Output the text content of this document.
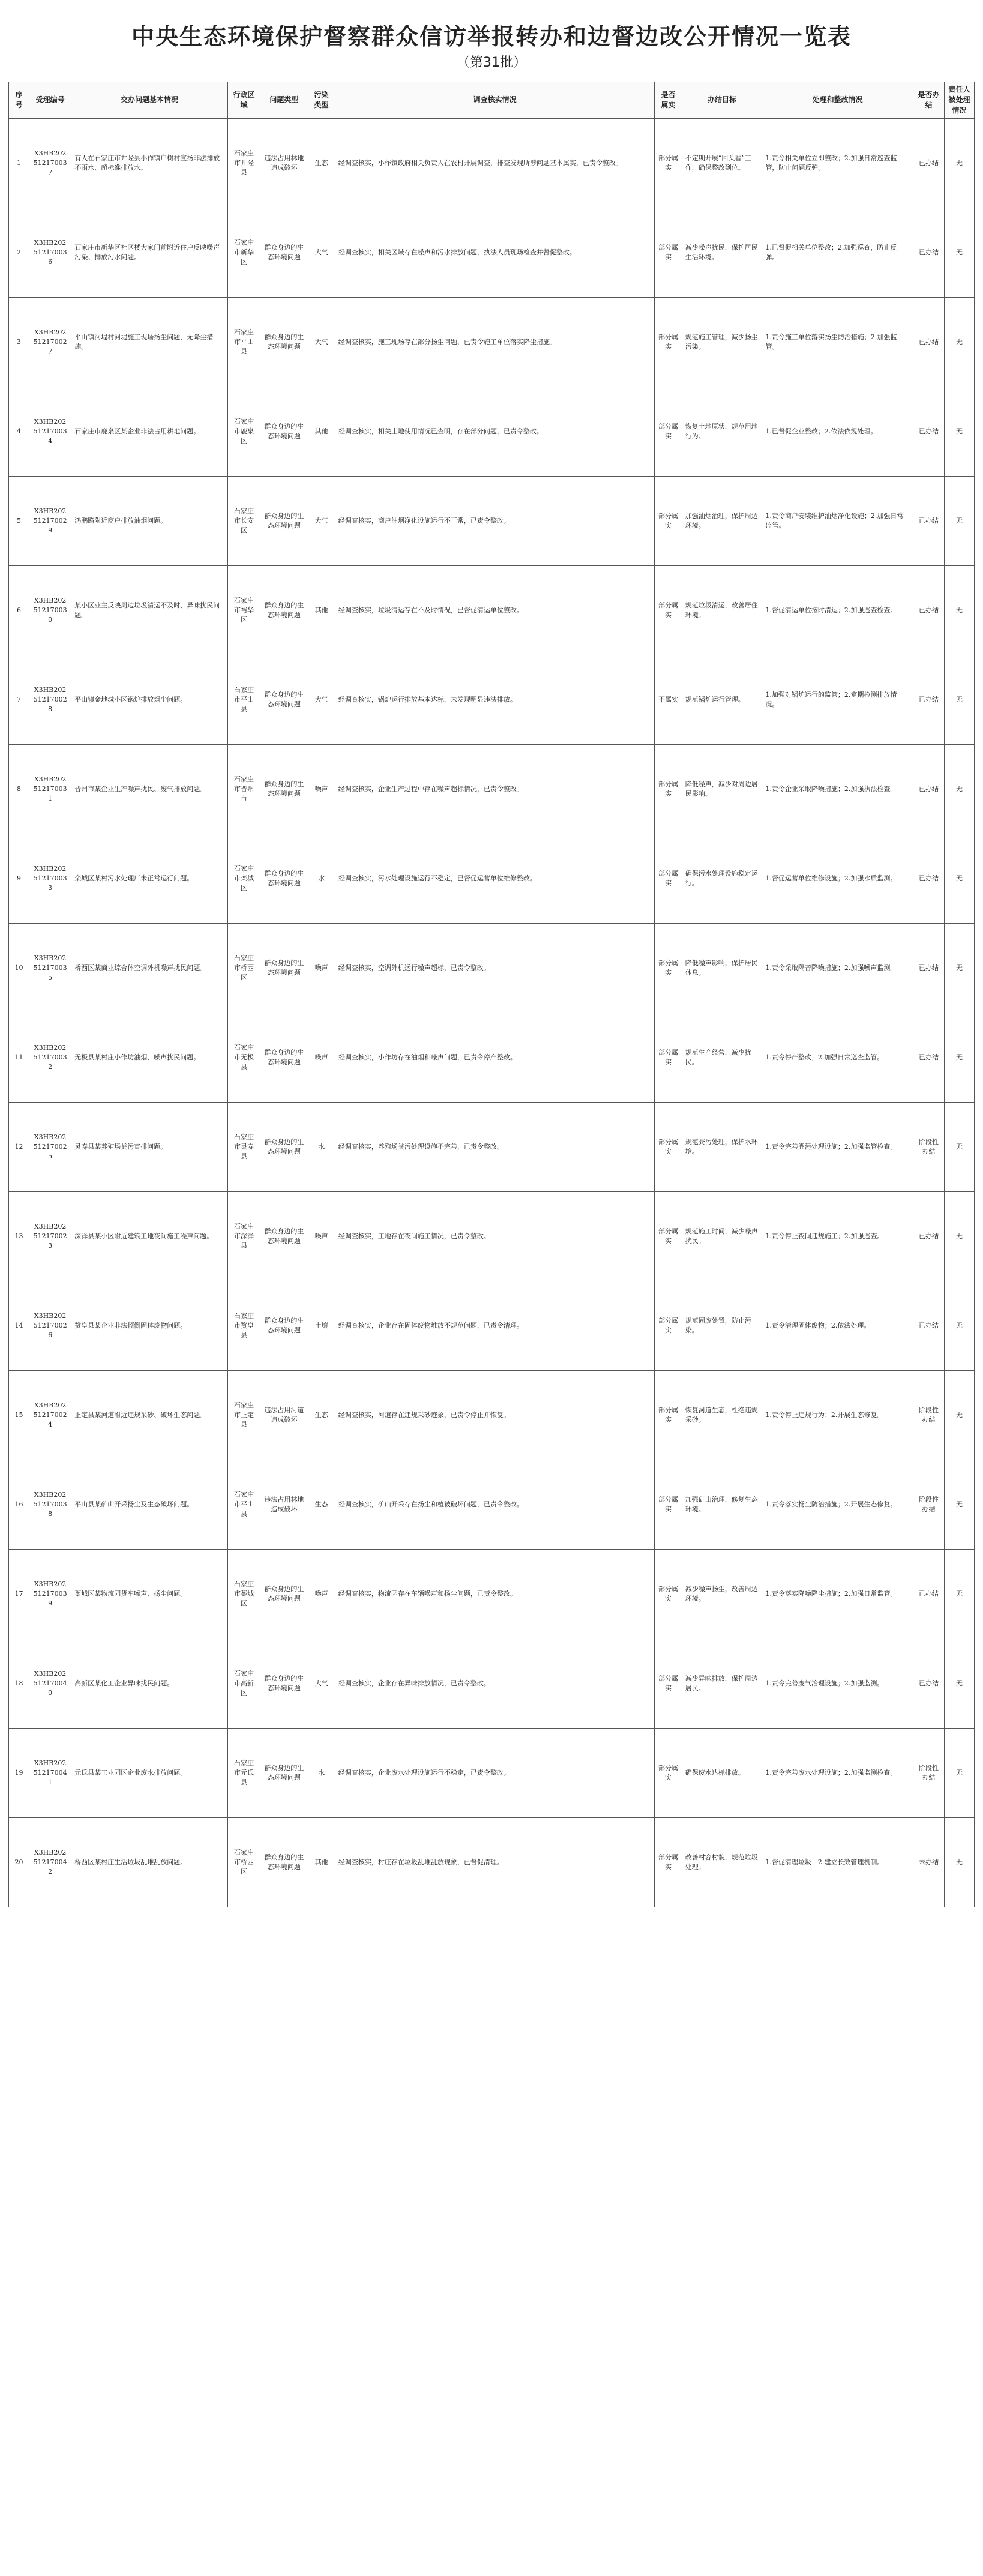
中央生态环境保护督察群众信访举报转办和边督边改公开情况一览表
（第31批）
序号	受理编号	交办问题基本情况	行政区域	问题类型	污染类型	调查核实情况	是否属实	办结目标	处理和整改情况	是否办结	责任人被处理情况
1	X3HB202512170037	有人在石家庄市井陉县小作镇户树村宣扬非法排放不雨水、超标准排放水。	石家庄市井陉县	违法占用林地造成破坏	生态	经调查核实，小作镇政府相关负责人在农村开展调查，排查发现所涉问题基本属实，已责令整改。	部分属实	不定期开展“回头看”工作，确保整改到位。	1.责令相关单位立即整改；2.加强日常巡查监管，防止问题反弹。	已办结	无
2	X3HB202512170036	石家庄市新华区社区楼大家门前附近住户反映噪声污染、排放污水问题。	石家庄市新华区	群众身边的生态环境问题	大气	经调查核实，相关区域存在噪声和污水排放问题，执法人员现场检查并督促整改。	部分属实	减少噪声扰民，保护居民生活环境。	1.已督促相关单位整改；2.加强巡查，防止反弹。	已办结	无
3	X3HB202512170027	平山镇河堤村河堤施工现场扬尘问题，无降尘措施。	石家庄市平山县	群众身边的生态环境问题	大气	经调查核实，施工现场存在部分扬尘问题，已责令施工单位落实降尘措施。	部分属实	规范施工管理，减少扬尘污染。	1.责令施工单位落实扬尘防治措施；2.加强监管。	已办结	无
4	X3HB202512170034	石家庄市鹿泉区某企业非法占用耕地问题。	石家庄市鹿泉区	群众身边的生态环境问题	其他	经调查核实，相关土地使用情况已查明，存在部分问题，已责令整改。	部分属实	恢复土地原状，规范用地行为。	1.已督促企业整改；2.依法依规处理。	已办结	无
5	X3HB202512170029	鸿鹏路附近商户排放油烟问题。	石家庄市长安区	群众身边的生态环境问题	大气	经调查核实，商户油烟净化设施运行不正常，已责令整改。	部分属实	加强油烟治理，保护周边环境。	1.责令商户安装维护油烟净化设施；2.加强日常监管。	已办结	无
6	X3HB202512170030	某小区业主反映周边垃圾清运不及时、异味扰民问题。	石家庄市裕华区	群众身边的生态环境问题	其他	经调查核实，垃圾清运存在不及时情况，已督促清运单位整改。	部分属实	规范垃圾清运，改善居住环境。	1.督促清运单位按时清运；2.加强巡查检查。	已办结	无
7	X3HB202512170028	平山镇金地城小区锅炉排放烟尘问题。	石家庄市平山县	群众身边的生态环境问题	大气	经调查核实，锅炉运行排放基本达标，未发现明显违法排放。	不属实	规范锅炉运行管理。	1.加强对锅炉运行的监管；2.定期检测排放情况。	已办结	无
8	X3HB202512170031	晋州市某企业生产噪声扰民、废气排放问题。	石家庄市晋州市	群众身边的生态环境问题	噪声	经调查核实，企业生产过程中存在噪声超标情况，已责令整改。	部分属实	降低噪声，减少对周边居民影响。	1.责令企业采取降噪措施；2.加强执法检查。	已办结	无
9	X3HB202512170033	栾城区某村污水处理厂未正常运行问题。	石家庄市栾城区	群众身边的生态环境问题	水	经调查核实，污水处理设施运行不稳定，已督促运营单位维修整改。	部分属实	确保污水处理设施稳定运行。	1.督促运营单位维修设施；2.加强水质监测。	已办结	无
10	X3HB202512170035	桥西区某商业综合体空调外机噪声扰民问题。	石家庄市桥西区	群众身边的生态环境问题	噪声	经调查核实，空调外机运行噪声超标，已责令整改。	部分属实	降低噪声影响，保护居民休息。	1.责令采取隔音降噪措施；2.加强噪声监测。	已办结	无
11	X3HB202512170032	无极县某村庄小作坊油烟、噪声扰民问题。	石家庄市无极县	群众身边的生态环境问题	噪声	经调查核实，小作坊存在油烟和噪声问题，已责令停产整改。	部分属实	规范生产经营，减少扰民。	1.责令停产整改；2.加强日常巡查监管。	已办结	无
12	X3HB202512170025	灵寿县某养殖场粪污直排问题。	石家庄市灵寿县	群众身边的生态环境问题	水	经调查核实，养殖场粪污处理设施不完善，已责令整改。	部分属实	规范粪污处理，保护水环境。	1.责令完善粪污处理设施；2.加强监管检查。	阶段性办结	无
13	X3HB202512170023	深泽县某小区附近建筑工地夜间施工噪声问题。	石家庄市深泽县	群众身边的生态环境问题	噪声	经调查核实，工地存在夜间施工情况，已责令整改。	部分属实	规范施工时间，减少噪声扰民。	1.责令停止夜间违规施工；2.加强巡查。	已办结	无
14	X3HB202512170026	赞皇县某企业非法倾倒固体废物问题。	石家庄市赞皇县	群众身边的生态环境问题	土壤	经调查核实，企业存在固体废物堆放不规范问题，已责令清理。	部分属实	规范固废处置，防止污染。	1.责令清理固体废物；2.依法处理。	已办结	无
15	X3HB202512170024	正定县某河道附近违规采砂、破坏生态问题。	石家庄市正定县	违法占用河道造成破坏	生态	经调查核实，河道存在违规采砂迹象，已责令停止并恢复。	部分属实	恢复河道生态，杜绝违规采砂。	1.责令停止违规行为；2.开展生态修复。	阶段性办结	无
16	X3HB202512170038	平山县某矿山开采扬尘及生态破坏问题。	石家庄市平山县	违法占用林地造成破坏	生态	经调查核实，矿山开采存在扬尘和植被破坏问题，已责令整改。	部分属实	加强矿山治理，修复生态环境。	1.责令落实扬尘防治措施；2.开展生态修复。	阶段性办结	无
17	X3HB202512170039	藁城区某物流园货车噪声、扬尘问题。	石家庄市藁城区	群众身边的生态环境问题	噪声	经调查核实，物流园存在车辆噪声和扬尘问题，已责令整改。	部分属实	减少噪声扬尘，改善周边环境。	1.责令落实降噪降尘措施；2.加强日常监管。	已办结	无
18	X3HB202512170040	高新区某化工企业异味扰民问题。	石家庄市高新区	群众身边的生态环境问题	大气	经调查核实，企业存在异味排放情况，已责令整改。	部分属实	减少异味排放，保护周边居民。	1.责令完善废气治理设施；2.加强监测。	已办结	无
19	X3HB202512170041	元氏县某工业园区企业废水排放问题。	石家庄市元氏县	群众身边的生态环境问题	水	经调查核实，企业废水处理设施运行不稳定，已责令整改。	部分属实	确保废水达标排放。	1.责令完善废水处理设施；2.加强监测检查。	阶段性办结	无
20	X3HB202512170042	桥西区某村庄生活垃圾乱堆乱放问题。	石家庄市桥西区	群众身边的生态环境问题	其他	经调查核实，村庄存在垃圾乱堆乱放现象，已督促清理。	部分属实	改善村容村貌，规范垃圾处理。	1.督促清理垃圾；2.建立长效管理机制。	未办结	无
